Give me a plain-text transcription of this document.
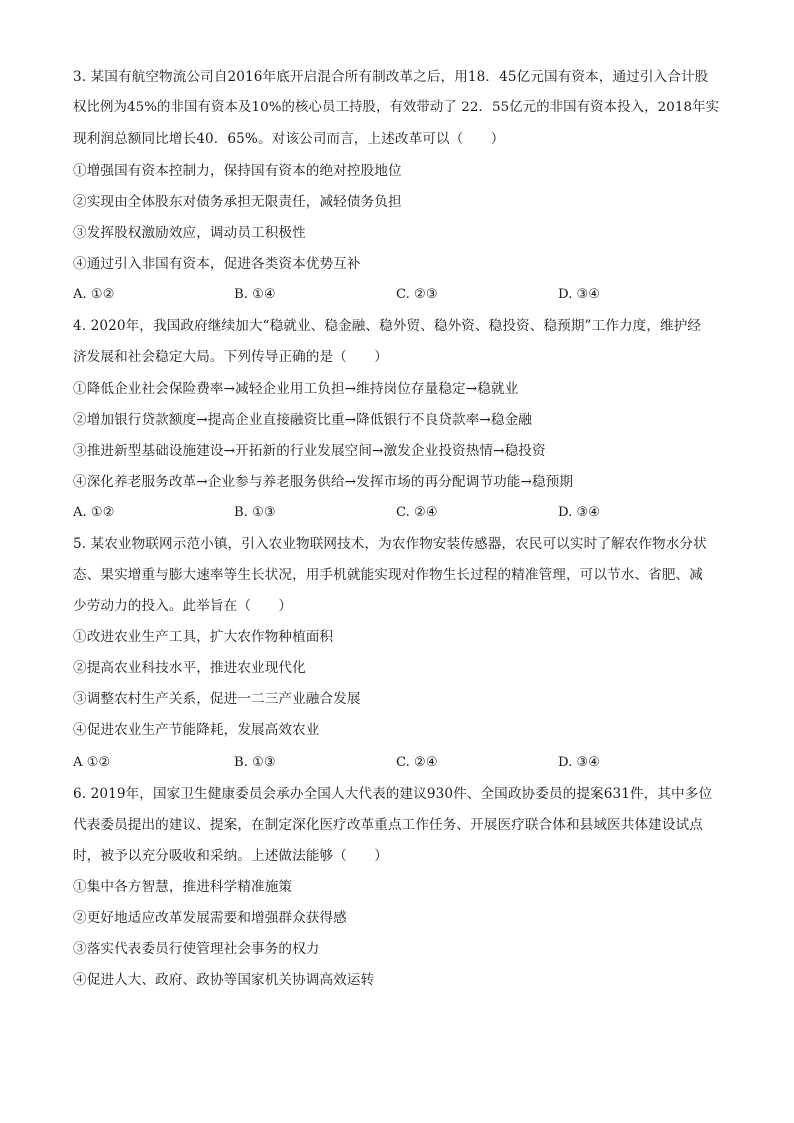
3. 某国有航空物流公司自2016年底开启混合所有制改革之后，用18．45亿元国有资本，通过引入合计股
权比例为45%的非国有资本及10%的核心员工持股，有效带动了 22．55亿元的非国有资本投入，2018年实
现利润总额同比增长40．65%。对该公司而言，上述改革可以（　　）
①增强国有资本控制力，保持国有资本的绝对控股地位
②实现由全体股东对债务承担无限责任，减轻债务负担
③发挥股权激励效应，调动员工积极性
④通过引入非国有资本，促进各类资本优势互补
A. ①②	B. ①④	C. ②③	D. ③④
4. 2020年，我国政府继续加大“稳就业、稳金融、稳外贸、稳外资、稳投资、稳预期”工作力度，维护经
济发展和社会稳定大局。下列传导正确的是（　　）
①降低企业社会保险费率→减轻企业用工负担→维持岗位存量稳定→稳就业
②增加银行贷款额度→提高企业直接融资比重→降低银行不良贷款率→稳金融
③推进新型基础设施建设→开拓新的行业发展空间→激发企业投资热情→稳投资
④深化养老服务改革→企业参与养老服务供给→发挥市场的再分配调节功能→稳预期
A. ①②	B. ①③	C. ②④	D. ③④
5. 某农业物联网示范小镇，引入农业物联网技术，为农作物安装传感器，农民可以实时了解农作物水分状
态、果实增重与膨大速率等生长状况，用手机就能实现对作物生长过程的精准管理，可以节水、省肥、减
少劳动力的投入。此举旨在（　　）
①改进农业生产工具，扩大农作物种植面积
②提高农业科技水平，推进农业现代化
③调整农村生产关系，促进一二三产业融合发展
④促进农业生产节能降耗，发展高效农业
A ①②	B. ①③	C. ②④	D. ③④
6. 2019年，国家卫生健康委员会承办全国人大代表的建议930件、全国政协委员的提案631件，其中多位
代表委员提出的建议、提案，在制定深化医疗改革重点工作任务、开展医疗联合体和县域医共体建设试点
时，被予以充分吸收和采纳。上述做法能够（　　）
①集中各方智慧，推进科学精准施策
②更好地适应改革发展需要和增强群众获得感
③落实代表委员行使管理社会事务的权力
④促进人大、政府、政协等国家机关协调高效运转
